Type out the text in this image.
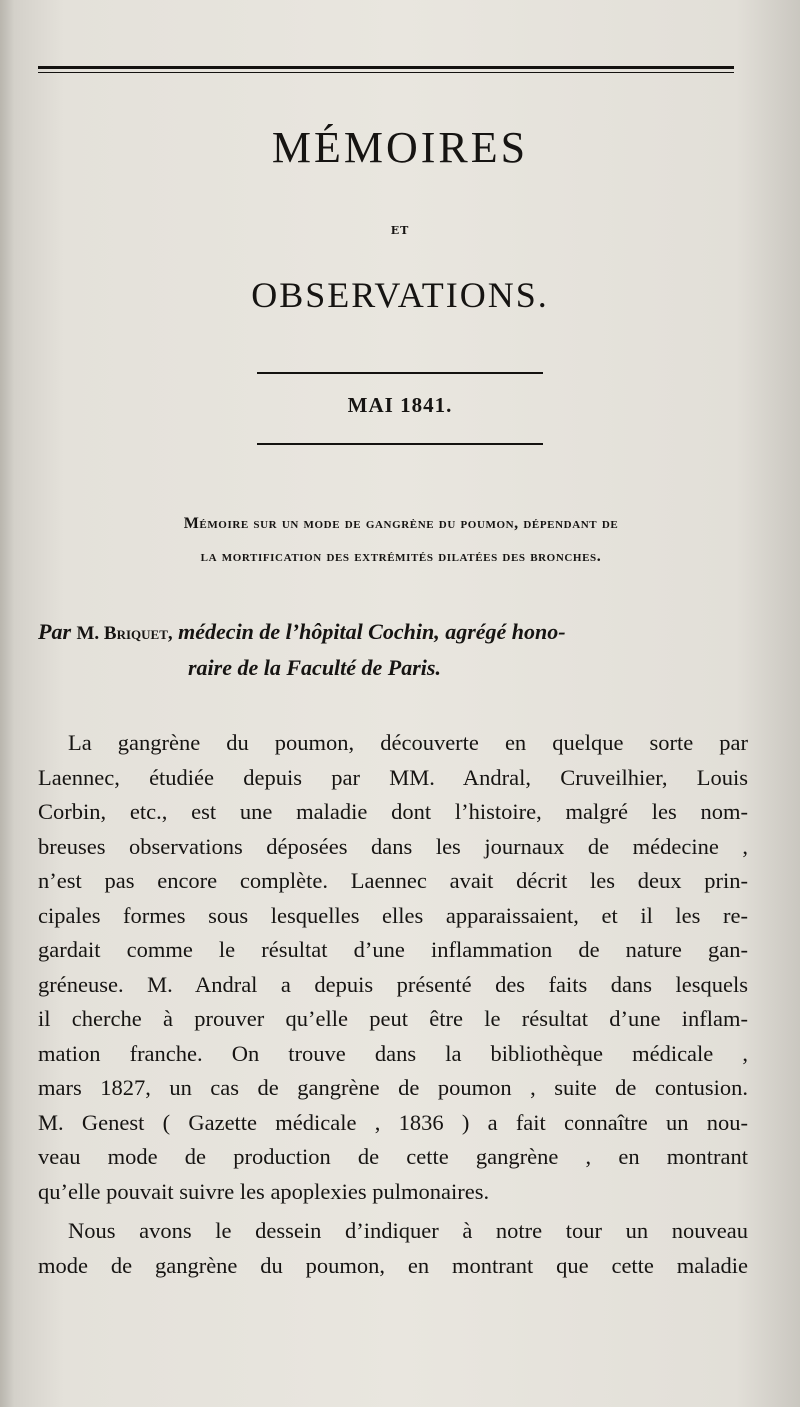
MÉMOIRES
ET
OBSERVATIONS.
MAI 1841.
Mémoire sur un mode de gangrène du poumon, dépendant de
la mortification des extrémités dilatées des bronches.
Par M. Briquet, médecin de l’hôpital Cochin, agrégé hono-
raire de la Faculté de Paris.
La gangrène du poumon, découverte en quelque sorte par
Laennec, étudiée depuis par MM. Andral, Cruveilhier, Louis
Corbin, etc., est une maladie dont l’histoire, malgré les nom-
breuses observations déposées dans les journaux de médecine ,
n’est pas encore complète. Laennec avait décrit les deux prin-
cipales formes sous lesquelles elles apparaissaient, et il les re-
gardait comme le résultat d’une inflammation de nature gan-
gréneuse. M. Andral a depuis présenté des faits dans lesquels
il cherche à prouver qu’elle peut être le résultat d’une inflam-
mation franche. On trouve dans la bibliothèque médicale ,
mars 1827, un cas de gangrène de poumon , suite de contusion.
M. Genest ( Gazette médicale , 1836 ) a fait connaître un nou-
veau mode de production de cette gangrène , en montrant
qu’elle pouvait suivre les apoplexies pulmonaires.
Nous avons le dessein d’indiquer à notre tour un nouveau
mode de gangrène du poumon, en montrant que cette maladie
